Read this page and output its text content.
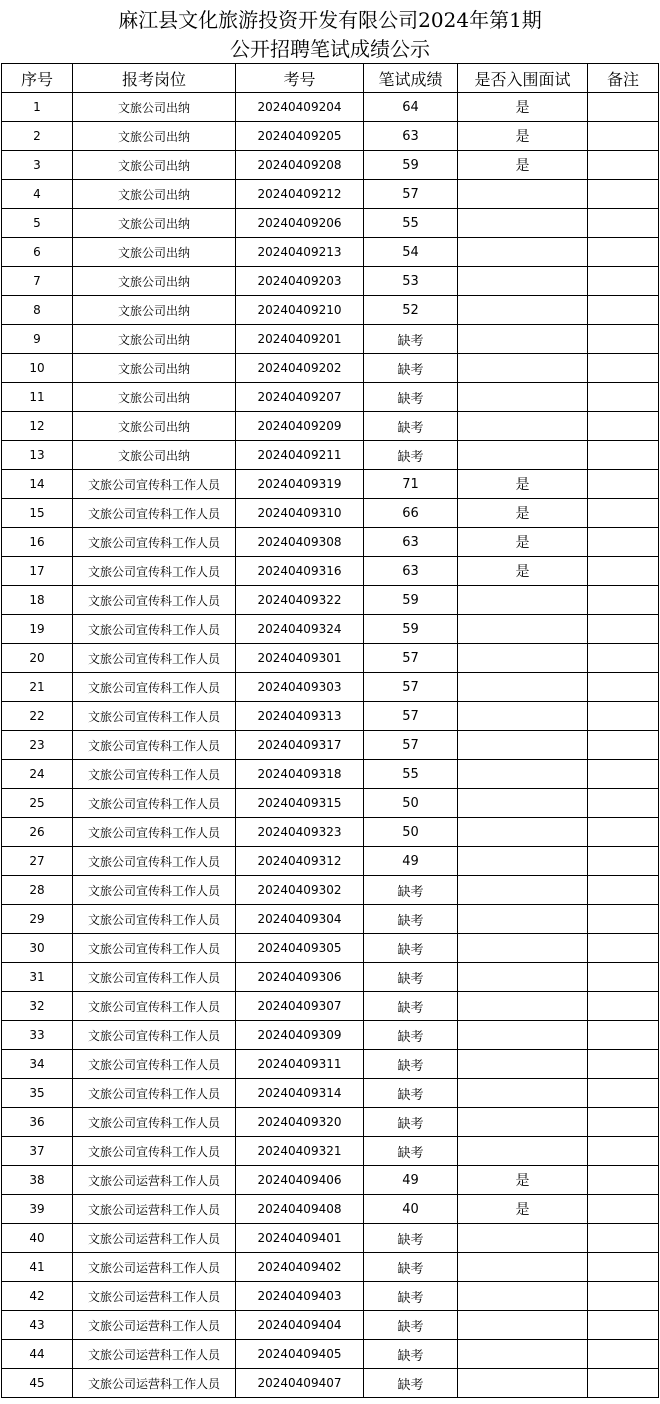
麻江县文化旅游投资开发有限公司2024年第1期
公开招聘笔试成绩公示
序号	报考岗位	考号	笔试成绩	是否入围面试	备注
1	文旅公司出纳	20240409204	64	是	
2	文旅公司出纳	20240409205	63	是	
3	文旅公司出纳	20240409208	59	是	
4	文旅公司出纳	20240409212	57		
5	文旅公司出纳	20240409206	55		
6	文旅公司出纳	20240409213	54		
7	文旅公司出纳	20240409203	53		
8	文旅公司出纳	20240409210	52		
9	文旅公司出纳	20240409201	缺考		
10	文旅公司出纳	20240409202	缺考		
11	文旅公司出纳	20240409207	缺考		
12	文旅公司出纳	20240409209	缺考		
13	文旅公司出纳	20240409211	缺考		
14	文旅公司宣传科工作人员	20240409319	71	是	
15	文旅公司宣传科工作人员	20240409310	66	是	
16	文旅公司宣传科工作人员	20240409308	63	是	
17	文旅公司宣传科工作人员	20240409316	63	是	
18	文旅公司宣传科工作人员	20240409322	59		
19	文旅公司宣传科工作人员	20240409324	59		
20	文旅公司宣传科工作人员	20240409301	57		
21	文旅公司宣传科工作人员	20240409303	57		
22	文旅公司宣传科工作人员	20240409313	57		
23	文旅公司宣传科工作人员	20240409317	57		
24	文旅公司宣传科工作人员	20240409318	55		
25	文旅公司宣传科工作人员	20240409315	50		
26	文旅公司宣传科工作人员	20240409323	50		
27	文旅公司宣传科工作人员	20240409312	49		
28	文旅公司宣传科工作人员	20240409302	缺考		
29	文旅公司宣传科工作人员	20240409304	缺考		
30	文旅公司宣传科工作人员	20240409305	缺考		
31	文旅公司宣传科工作人员	20240409306	缺考		
32	文旅公司宣传科工作人员	20240409307	缺考		
33	文旅公司宣传科工作人员	20240409309	缺考		
34	文旅公司宣传科工作人员	20240409311	缺考		
35	文旅公司宣传科工作人员	20240409314	缺考		
36	文旅公司宣传科工作人员	20240409320	缺考		
37	文旅公司宣传科工作人员	20240409321	缺考		
38	文旅公司运营科工作人员	20240409406	49	是	
39	文旅公司运营科工作人员	20240409408	40	是	
40	文旅公司运营科工作人员	20240409401	缺考		
41	文旅公司运营科工作人员	20240409402	缺考		
42	文旅公司运营科工作人员	20240409403	缺考		
43	文旅公司运营科工作人员	20240409404	缺考		
44	文旅公司运营科工作人员	20240409405	缺考		
45	文旅公司运营科工作人员	20240409407	缺考		
